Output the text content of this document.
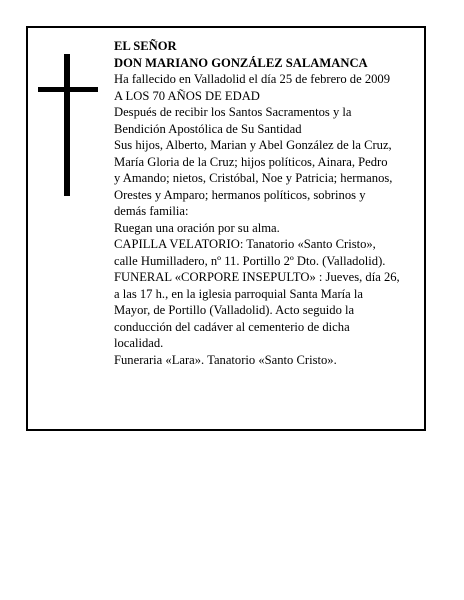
EL SEÑOR
DON MARIANO GONZÁLEZ SALAMANCA
Ha fallecido en Valladolid el día 25 de febrero de 2009
A LOS 70 AÑOS DE EDAD
Después de recibir los Santos Sacramentos y la
Bendición Apostólica de Su Santidad
Sus hijos, Alberto, Marian y Abel González de la Cruz,
María Gloria de la Cruz; hijos políticos, Ainara, Pedro
y Amando; nietos, Cristóbal, Noe y Patricia; hermanos,
Orestes y Amparo; hermanos políticos, sobrinos y
demás familia:
Ruegan una oración por su alma.
CAPILLA VELATORIO: Tanatorio «Santo Cristo»,
calle Humilladero, nº 11. Portillo 2º Dto. (Valladolid).
FUNERAL «CORPORE INSEPULTO» : Jueves, día 26,
a las 17 h., en la iglesia parroquial Santa María la
Mayor, de Portillo (Valladolid). Acto seguido la
conducción del cadáver al cementerio de dicha
localidad.
Funeraria «Lara». Tanatorio «Santo Cristo».
